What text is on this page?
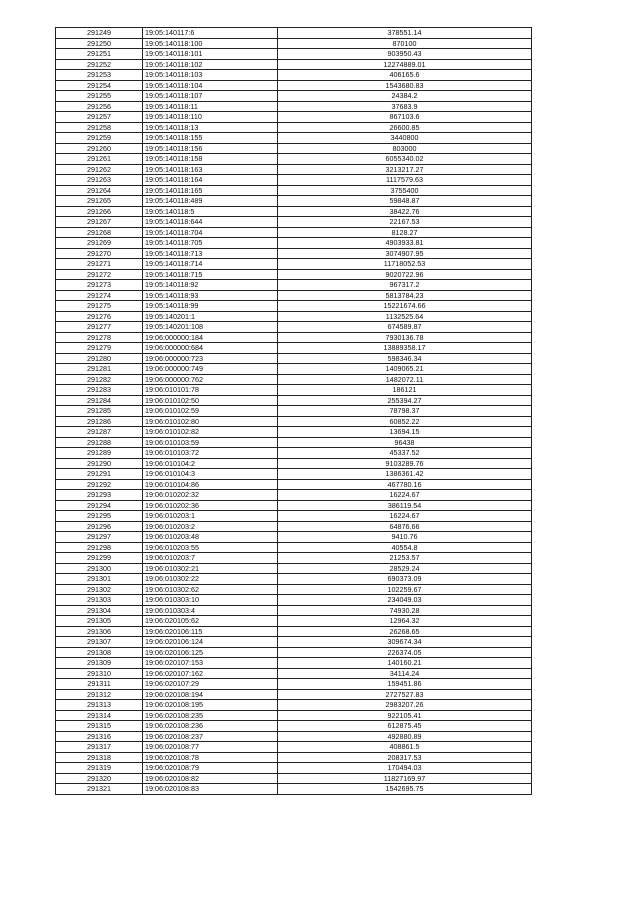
291249	19:05:140117:6	378551.14
291250	19:05:140118:100	870100
291251	19:05:140118:101	903950.43
291252	19:05:140118:102	12274889.01
291253	19:05:140118:103	406165.6
291254	19:05:140118:104	1543680.83
291255	19:05:140118:107	24384.2
291256	19:05:140118:11	37683.9
291257	19:05:140118:110	867103.6
291258	19:05:140118:13	26600.85
291259	19:05:140118:155	3440800
291260	19:05:140118:156	803000
291261	19:05:140118:158	6055340.02
291262	19:05:140118:163	3213217.27
291263	19:05:140118:164	1117579.63
291264	19:05:140118:165	3755400
291265	19:05:140118:489	59848.87
291266	19:05:140118:5	38422.76
291267	19:05:140118:644	22167.53
291268	19:05:140118:704	8128.27
291269	19:05:140118:705	4903933.81
291270	19:05:140118:713	3074907.95
291271	19:05:140118:714	11718052.53
291272	19:05:140118:715	9020722.96
291273	19:05:140118:92	967317.2
291274	19:05:140118:93	5813784.23
291275	19:05:140118:99	15221674.66
291276	19:05:140201:1	1132525.64
291277	19:05:140201:108	674589.87
291278	19:06:000000:184	7930136.78
291279	19:06:000000:684	13889358.17
291280	19:06:000000:723	598346.34
291281	19:06:000000:749	1409065.21
291282	19:06:000000:762	1482072.11
291283	19:06:010101:78	186121
291284	19:06:010102:50	255394.27
291285	19:06:010102:59	78798.37
291286	19:06:010102:80	60852.22
291287	19:06:010102:82	13694.15
291288	19:06:010103:59	96438
291289	19:06:010103:72	45337.52
291290	19:06:010104:2	9103289.76
291291	19:06:010104:3	1386361.42
291292	19:06:010104:86	467780.16
291293	19:06:010202:32	16224.67
291294	19:06:010202:36	386119.54
291295	19:06:010203:1	16224.67
291296	19:06:010203:2	64876.66
291297	19:06:010203:48	9410.76
291298	19:06:010203:55	40554.8
291299	19:06:010203:7	21253.57
291300	19:06:010302:21	28529.24
291301	19:06:010302:22	690373.09
291302	19:06:010302:62	102259.67
291303	19:06:010303:10	234049.03
291304	19:06:010303:4	74930.28
291305	19:06:020105:62	12964.32
291306	19:06:020106:115	26268.65
291307	19:06:020106:124	309674.34
291308	19:06:020106:125	226374.05
291309	19:06:020107:153	140160.21
291310	19:06:020107:162	34114.24
291311	19:06:020107:29	159451.86
291312	19:06:020108:194	2727527.83
291313	19:06:020108:195	2983207.26
291314	19:06:020108:235	922105.41
291315	19:06:020108:236	612875.45
291316	19:06:020108:237	492880.89
291317	19:06:020108:77	408861.5
291318	19:06:020108:78	208317.53
291319	19:06:020108:79	170494.03
291320	19:06:020108:82	11827169.97
291321	19:06:020108:83	1542695.75
